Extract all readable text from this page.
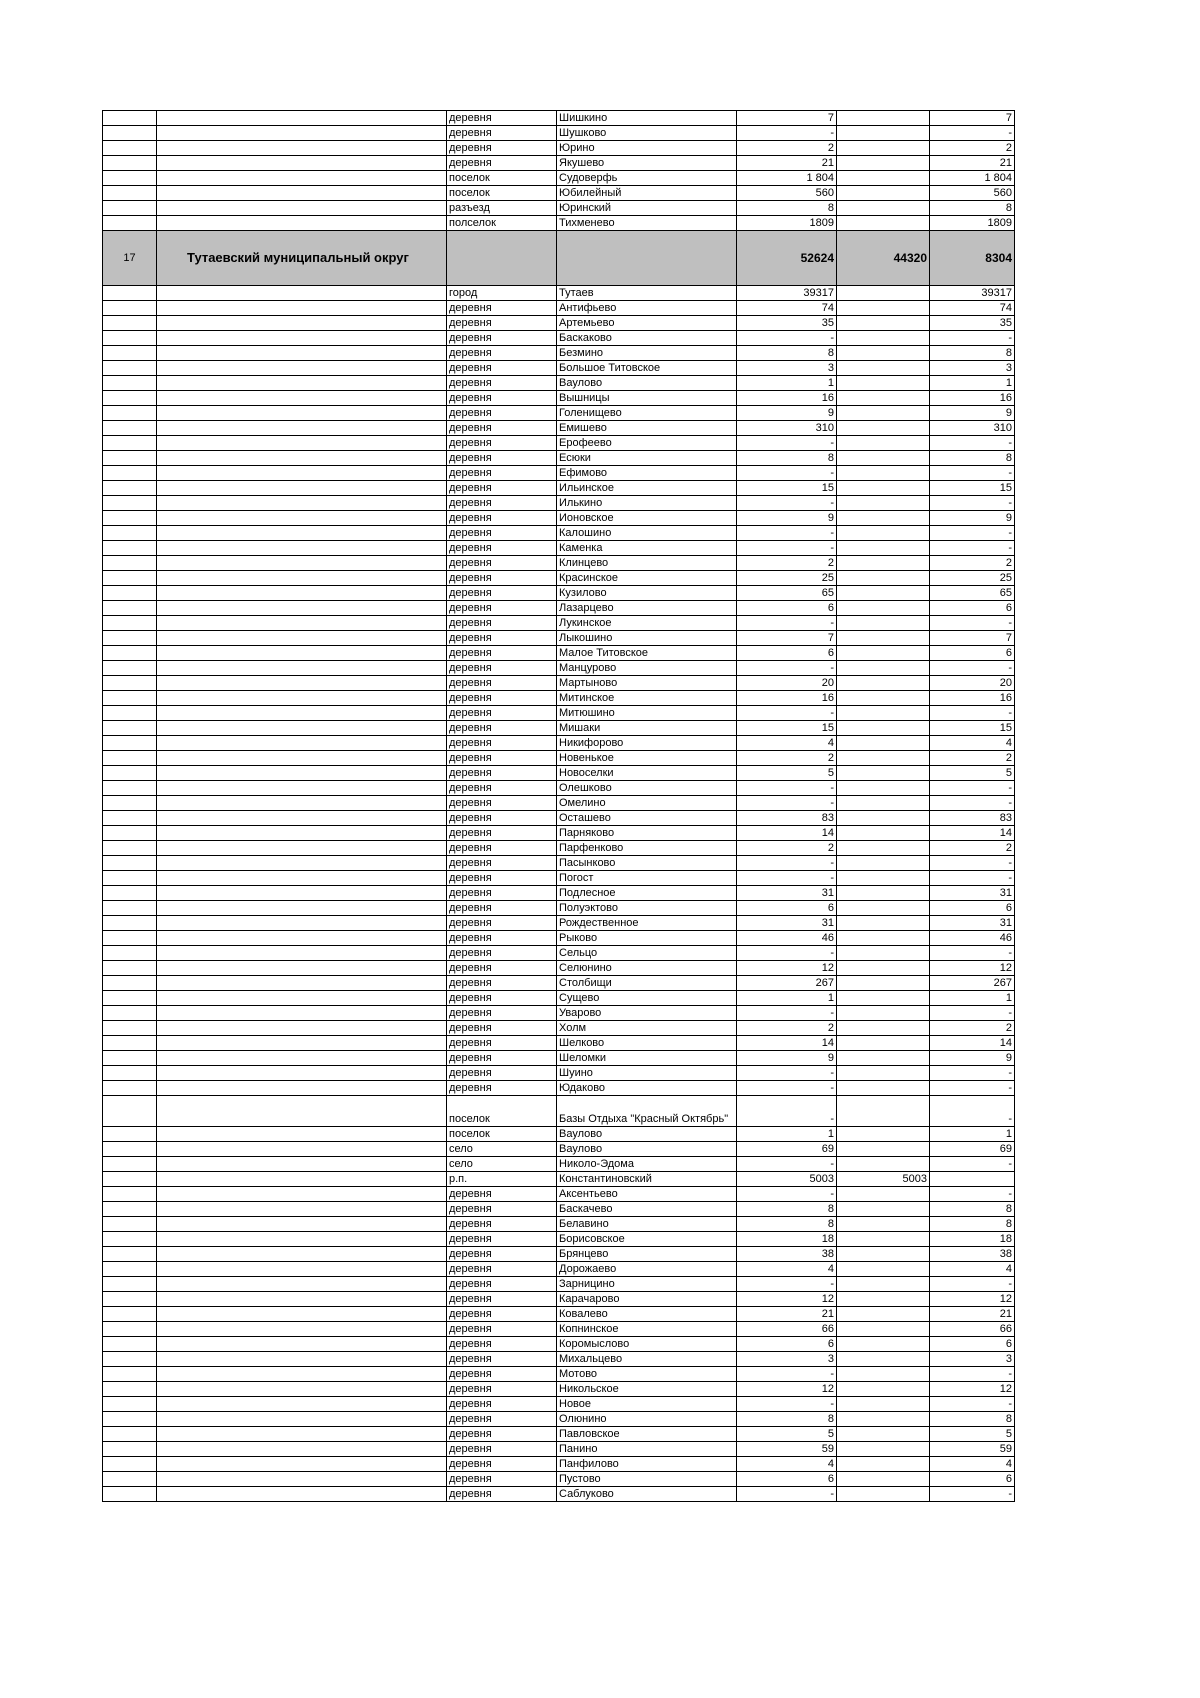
		деревня	Шишкино	7		7
		деревня	Шушково	-		-
		деревня	Юрино	2		2
		деревня	Якушево	21		21
		поселок	Судоверфь	1 804		1 804
		поселок	Юбилейный	560		560
		разъезд	Юринский	8		8
		полселок	Тихменево	1809		1809
17	Тутаевский муниципальный округ			52624	44320	8304
		город	Тутаев	39317		39317
		деревня	Антифьево	74		74
		деревня	Артемьево	35		35
		деревня	Баскаково	-		-
		деревня	Безмино	8		8
		деревня	Большое Титовское	3		3
		деревня	Ваулово	1		1
		деревня	Вышницы	16		16
		деревня	Голенищево	9		9
		деревня	Емишево	310		310
		деревня	Ерофеево	-		-
		деревня	Есюки	8		8
		деревня	Ефимово	-		-
		деревня	Ильинское	15		15
		деревня	Илькино	-		-
		деревня	Ионовское	9		9
		деревня	Калошино	-		-
		деревня	Каменка	-		-
		деревня	Клинцево	2		2
		деревня	Красинское	25		25
		деревня	Кузилово	65		65
		деревня	Лазарцево	6		6
		деревня	Лукинское	-		-
		деревня	Лыкошино	7		7
		деревня	Малое Титовское	6		6
		деревня	Манцурово	-		-
		деревня	Мартыново	20		20
		деревня	Митинское	16		16
		деревня	Митюшино	-		-
		деревня	Мишаки	15		15
		деревня	Никифорово	4		4
		деревня	Новенькое	2		2
		деревня	Новоселки	5		5
		деревня	Олешково	-		-
		деревня	Омелино	-		-
		деревня	Осташево	83		83
		деревня	Парняково	14		14
		деревня	Парфенково	2		2
		деревня	Пасынково	-		-
		деревня	Погост	-		-
		деревня	Подлесное	31		31
		деревня	Полуэктово	6		6
		деревня	Рождественное	31		31
		деревня	Рыково	46		46
		деревня	Сельцо	-		-
		деревня	Селюнино	12		12
		деревня	Столбищи	267		267
		деревня	Сущево	1		1
		деревня	Уварово	-		-
		деревня	Холм	2		2
		деревня	Шелково	14		14
		деревня	Шеломки	9		9
		деревня	Шуино	-		-
		деревня	Юдаково	-		-
		поселок	Базы Отдыха "Красный Октябрь"	-		-
		поселок	Ваулово	1		1
		село	Ваулово	69		69
		село	Николо-Эдома	-		-
		р.п.	Константиновский	5003	5003	
		деревня	Аксентьево	-		-
		деревня	Баскачево	8		8
		деревня	Белавино	8		8
		деревня	Борисовское	18		18
		деревня	Брянцево	38		38
		деревня	Дорожаево	4		4
		деревня	Зарницино	-		-
		деревня	Карачарово	12		12
		деревня	Ковалево	21		21
		деревня	Копнинское	66		66
		деревня	Коромыслово	6		6
		деревня	Михальцево	3		3
		деревня	Мотово	-		-
		деревня	Никольское	12		12
		деревня	Новое	-		-
		деревня	Олюнино	8		8
		деревня	Павловское	5		5
		деревня	Панино	59		59
		деревня	Панфилово	4		4
		деревня	Пустово	6		6
		деревня	Саблуково	-		-
